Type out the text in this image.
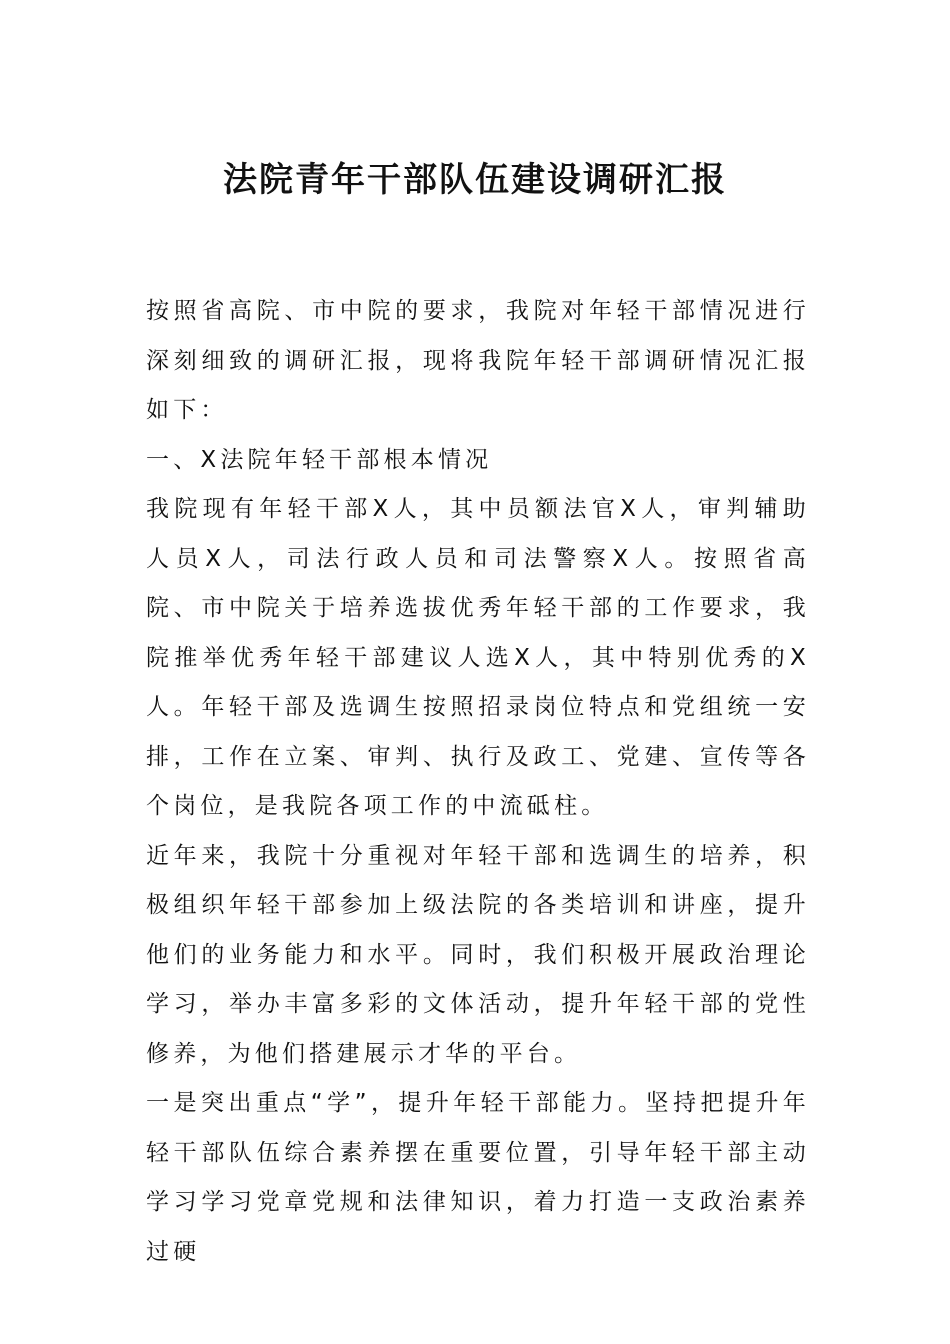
法院青年干部队伍建设调研汇报

按照省高院、市中院的要求，我院对年轻干部情况进行深刻细致的调研汇报，现将我院年轻干部调研情况汇报如下：

一、X法院年轻干部根本情况

我院现有年轻干部X人，其中员额法官X人，审判辅助人员X人，司法行政人员和司法警察X人。按照省高院、市中院关于培养选拔优秀年轻干部的工作要求，我院推举优秀年轻干部建议人选X人，其中特别优秀的X人。年轻干部及选调生按照招录岗位特点和党组统一安排，工作在立案、审判、执行及政工、党建、宣传等各个岗位，是我院各项工作的中流砥柱。

近年来，我院十分重视对年轻干部和选调生的培养，积极组织年轻干部参加上级法院的各类培训和讲座，提升他们的业务能力和水平。同时，我们积极开展政治理论学习，举办丰富多彩的文体活动，提升年轻干部的党性修养，为他们搭建展示才华的平台。

一是突出重点“学”，提升年轻干部能力。坚持把提升年轻干部队伍综合素养摆在重要位置，引导年轻干部主动学习学习党章党规和法律知识，着力打造一支政治素养过硬
